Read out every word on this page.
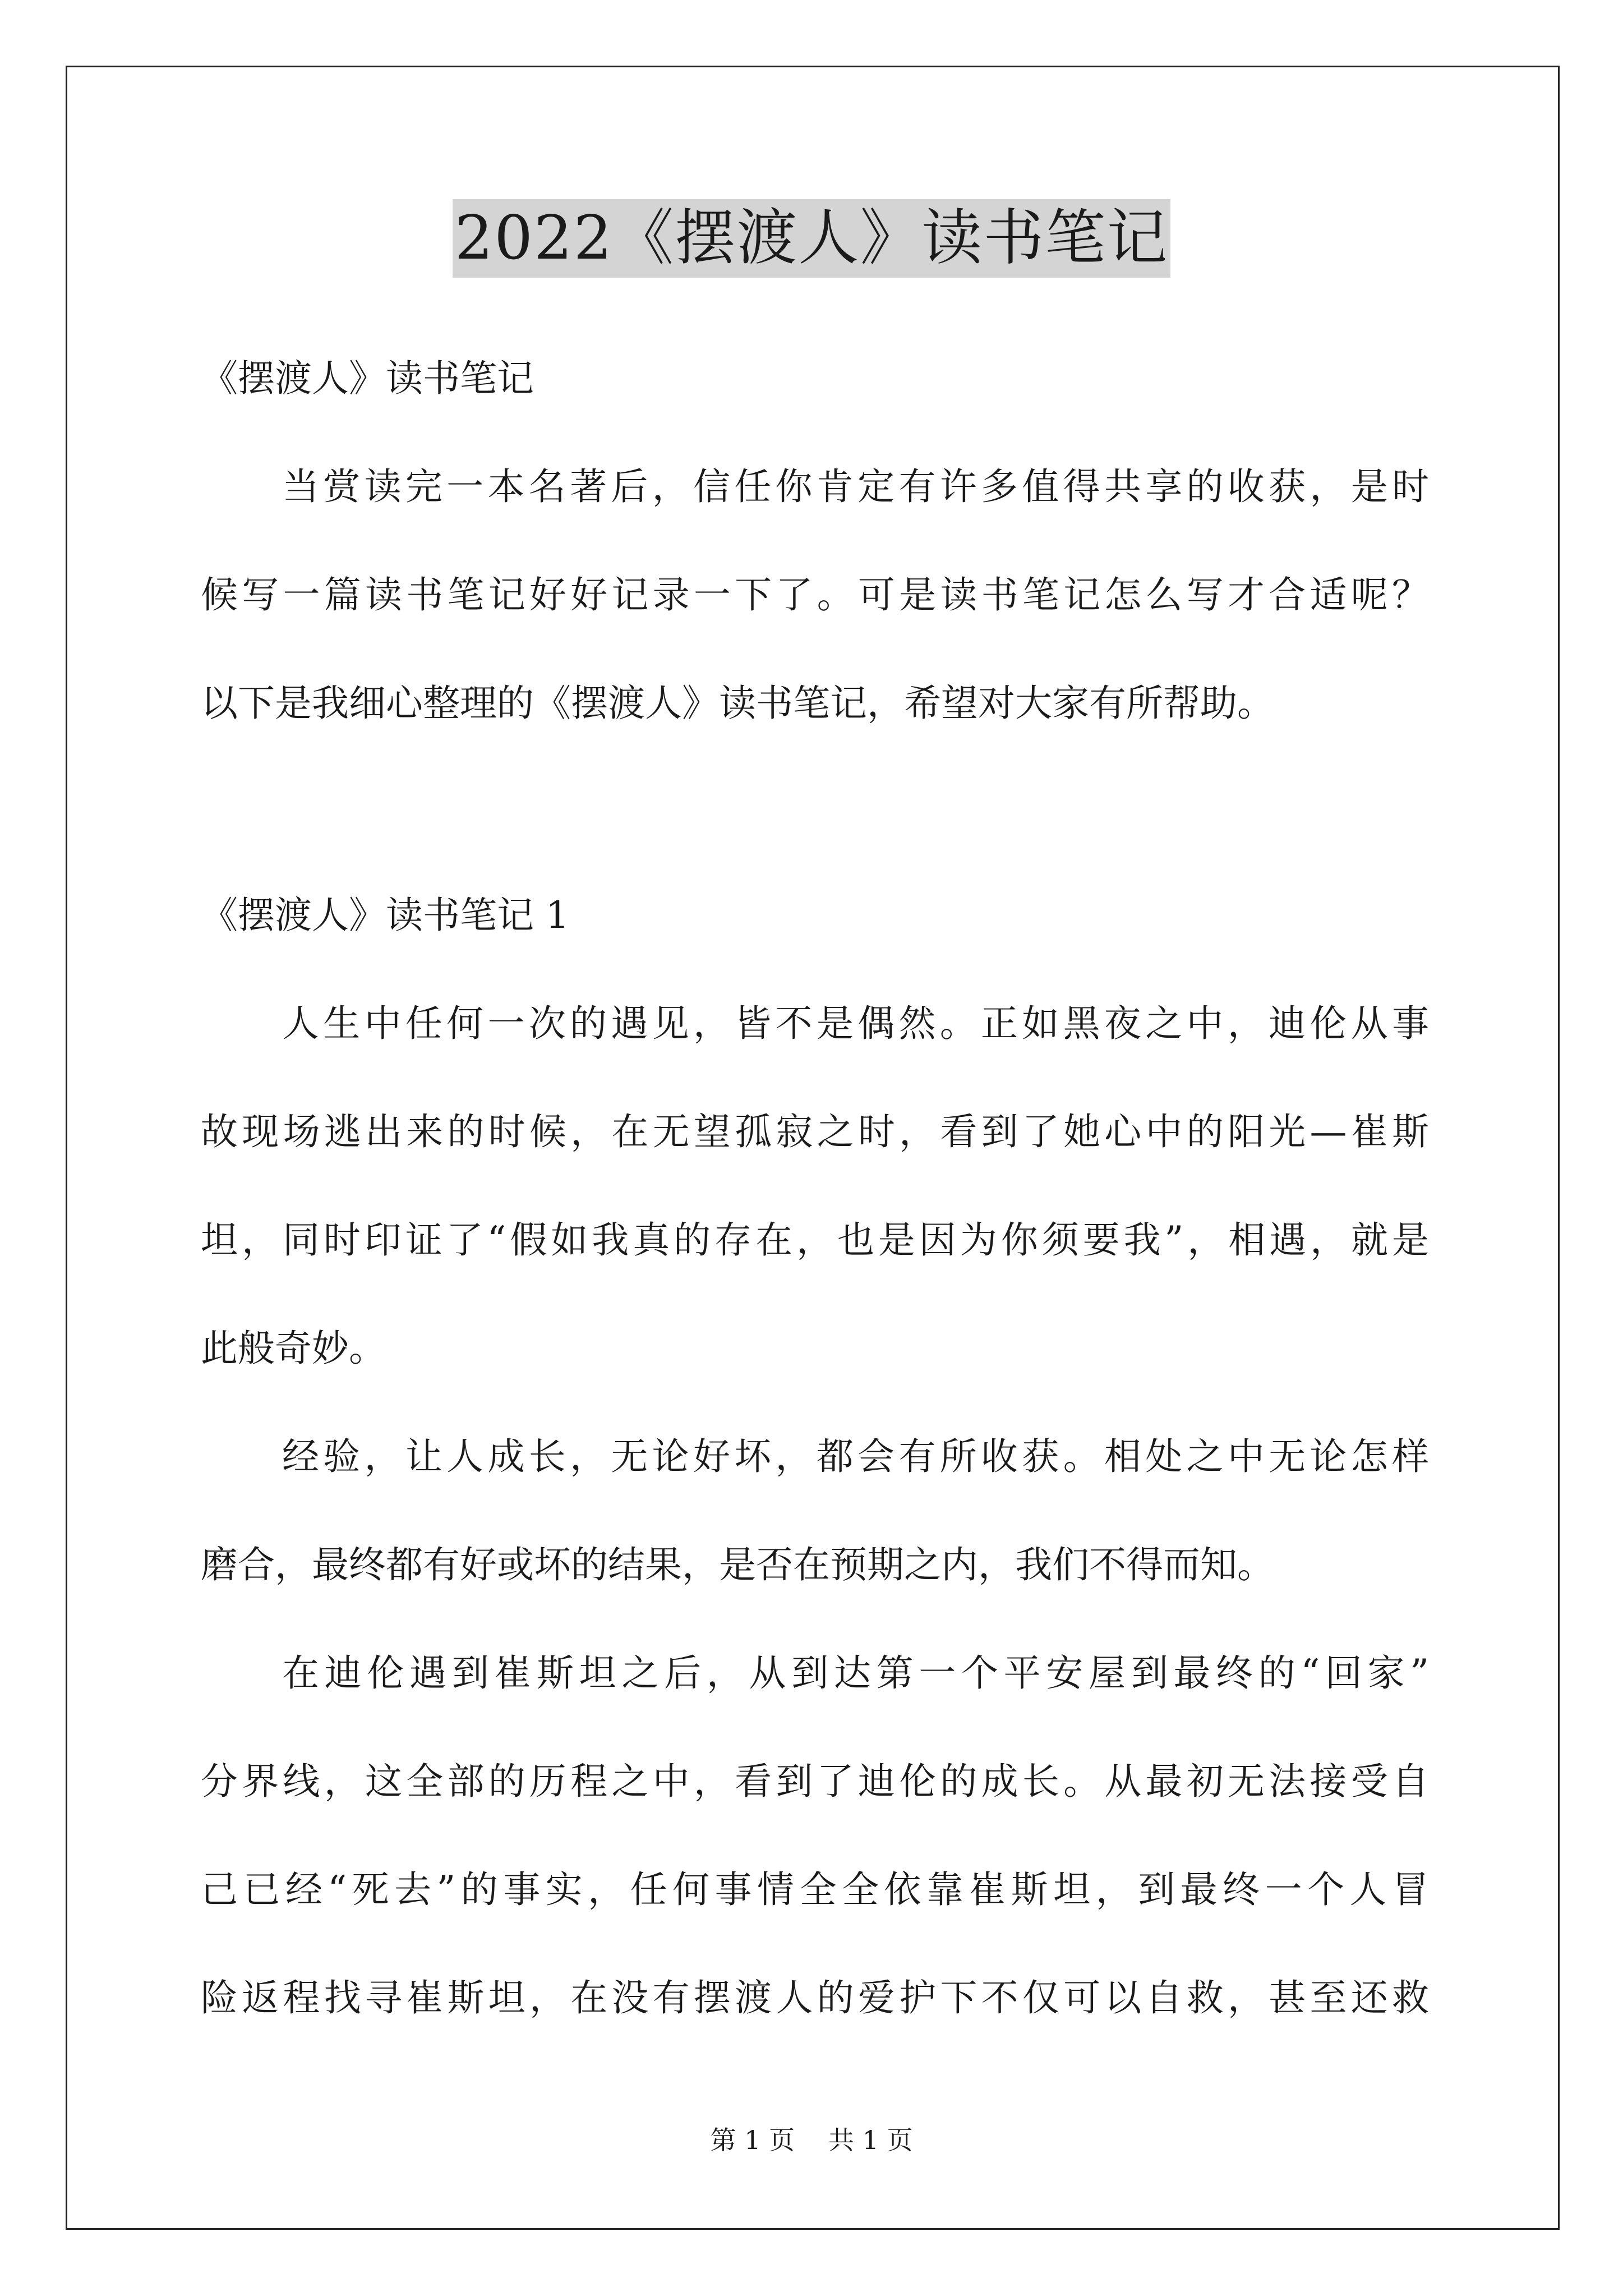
2022《摆渡人》读书笔记
《摆渡人》读书笔记
当赏读完一本名著后，信任你肯定有许多值得共享的收获，是时
候写一篇读书笔记好好记录一下了。可是读书笔记怎么写才合适呢？
以下是我细心整理的《摆渡人》读书笔记，希望对大家有所帮助。
《摆渡人》读书笔记 1
人生中任何一次的遇见，皆不是偶然。正如黑夜之中，迪伦从事
故现场逃出来的时候，在无望孤寂之时，看到了她心中的阳光—崔斯
坦，同时印证了“假如我真的存在，也是因为你须要我”，相遇，就是
此般奇妙。
经验，让人成长，无论好坏，都会有所收获。相处之中无论怎样
磨合，最终都有好或坏的结果，是否在预期之内，我们不得而知。
在迪伦遇到崔斯坦之后，从到达第一个平安屋到最终的“回家”
分界线，这全部的历程之中，看到了迪伦的成长。从最初无法接受自
己已经“死去”的事实，任何事情全全依靠崔斯坦，到最终一个人冒
险返程找寻崔斯坦，在没有摆渡人的爱护下不仅可以自救，甚至还救
第 1 页 共 1 页
